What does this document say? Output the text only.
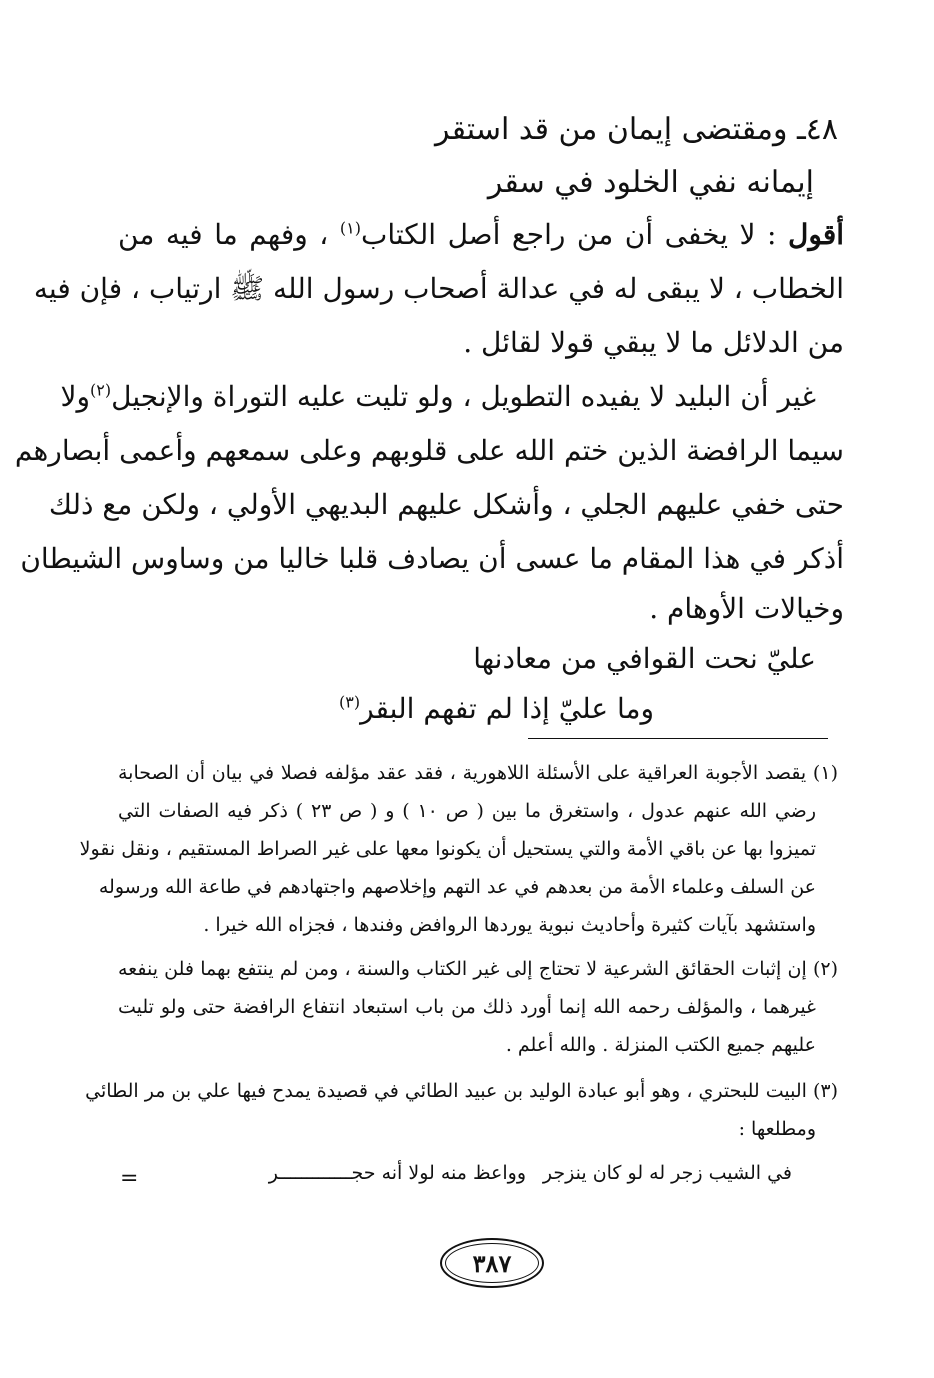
٤٨ـ ومقتضى إيمان من قد استقر
إيمانه نفي الخلود في سقر
أقول : لا يخفى أن من راجع أصل الكتاب$^{(١)}$ ، وفهم ما فيه من
الخطاب ، لا يبقى له في عدالة أصحاب رسول الله ﷺ ارتياب ، فإن فيه
من الدلائل ما لا يبقي قولا لقائل .
غير أن البليد لا يفيده التطويل ، ولو تليت عليه التوراة والإنجيل$^{(٢)}$ولا
سيما الرافضة الذين ختم الله على قلوبهم وعلى سمعهم وأعمى أبصارهم
حتى خفي عليهم الجلي ، وأشكل عليهم البديهي الأولي ، ولكن مع ذلك
أذكر في هذا المقام ما عسى أن يصادف قلبا خاليا من وساوس الشيطان
وخيالات الأوهام .
عليّ نحت القوافي من معادنها
وما عليّ إذا لم تفهم البقر$^{(٣)}$
(١) يقصد الأجوبة العراقية على الأسئلة اللاهورية ، فقد عقد مؤلفه فصلا في بيان أن الصحابة
رضي الله عنهم عدول ، واستغرق ما بين ( ص ١٠ ) و ( ص ٢٣ ) ذكر فيه الصفات التي
تميزوا بها عن باقي الأمة والتي يستحيل أن يكونوا معها على غير الصراط المستقيم ، ونقل نقولا
عن السلف وعلماء الأمة من بعدهم في عد التهم وإخلاصهم واجتهادهم في طاعة الله ورسوله
واستشهد بآيات كثيرة وأحاديث نبوية يوردها الروافض وفندها ، فجزاه الله خيرا .
(٢) إن إثبات الحقائق الشرعية لا تحتاج إلى غير الكتاب والسنة ، ومن لم ينتفع بهما فلن ينفعه
غيرهما ، والمؤلف رحمه الله إنما أورد ذلك من باب استبعاد انتفاع الرافضة حتى ولو تليت
عليهم جميع الكتب المنزلة . والله أعلم .
(٣) البيت للبحتري ، وهو أبو عبادة الوليد بن عبيد الطائي في قصيدة يمدح فيها علي بن مر الطائي
ومطلعها :
في الشيب زجر له لو كان ينزجر
وواعظ منه لولا أنه حجـــــــــــــر
=
٣٨٧
